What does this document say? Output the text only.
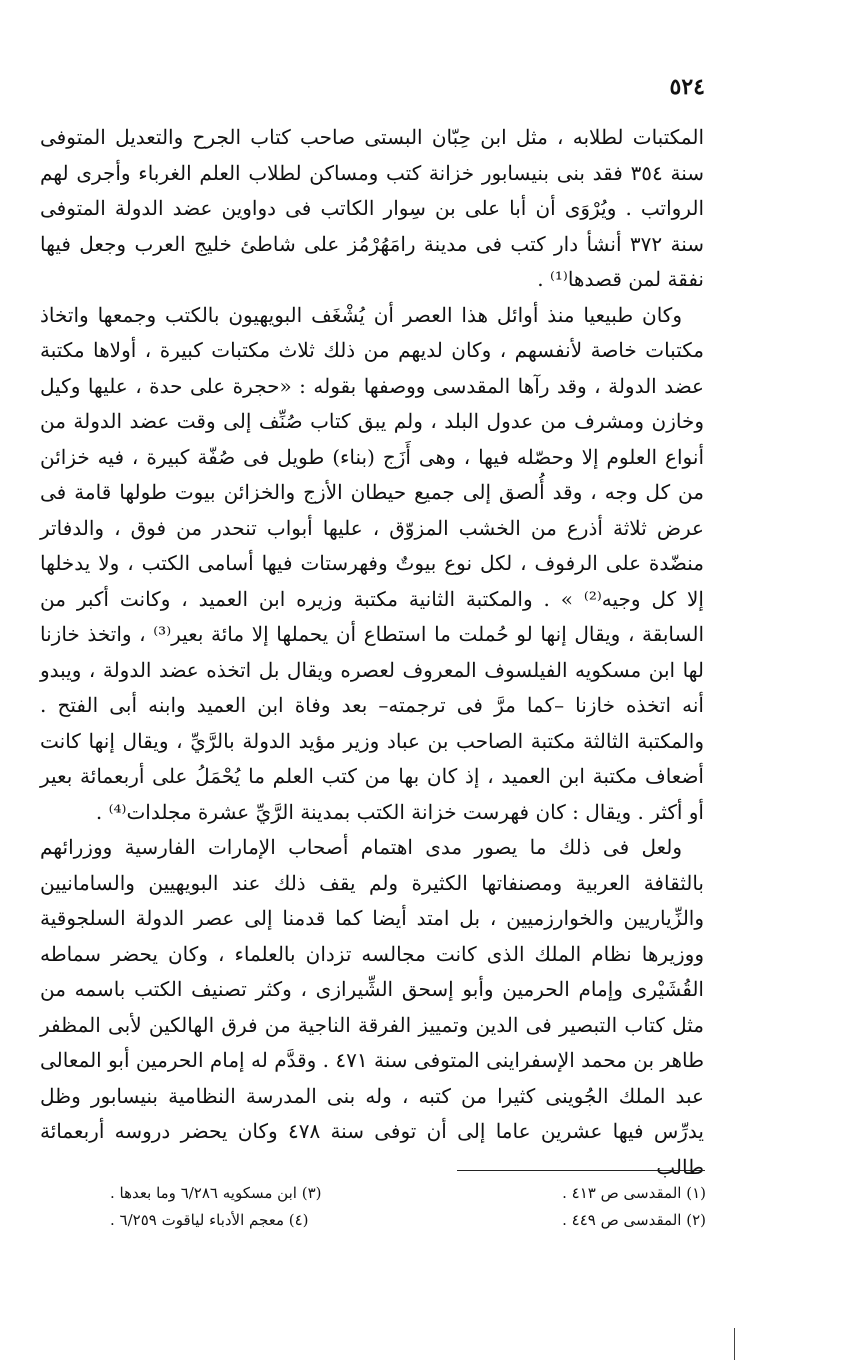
٥٢٤

المكتبات لطلابه ، مثل ابن حِبّان البستى صاحب كتاب الجرح والتعديل المتوفى سنة ٣٥٤ فقد بنى بنيسابور خزانة كتب ومساكن لطلاب العلم الغرباء وأجرى لهم الرواتب . ويُرْوَى أن أبا على بن سِوار الكاتب فى دواوين عضد الدولة المتوفى سنة ٣٧٢ أنشأ دار كتب فى مدينة رامَهُرْمُز على شاطئ خليج العرب وجعل فيها نفقة لمن قصدها⁽¹⁾ .

وكان طبيعيا منذ أوائل هذا العصر أن يُشْغَف البويهيون بالكتب وجمعها واتخاذ مكتبات خاصة لأنفسهم ، وكان لديهم من ذلك ثلاث مكتبات كبيرة ، أولاها مكتبة عضد الدولة ، وقد رآها المقدسى ووصفها بقوله : «حجرة على حدة ، عليها وكيل وخازن ومشرف من عدول البلد ، ولم يبق كتاب صُنِّف إلى وقت عضد الدولة من أنواع العلوم إلا وحصّله فيها ، وهى أَزَج (بناء) طويل فى صُفّة كبيرة ، فيه خزائن من كل وجه ، وقد أُلصق إلى جميع حيطان الأزج والخزائن بيوت طولها قامة فى عرض ثلاثة أذرع من الخشب المزوّق ، عليها أبواب تنحدر من فوق ، والدفاتر منضّدة على الرفوف ، لكل نوع بيوتٌ وفهرستات فيها أسامى الكتب ، ولا يدخلها إلا كل وجيه⁽²⁾ » . والمكتبة الثانية مكتبة وزيره ابن العميد ، وكانت أكبر من السابقة ، ويقال إنها لو حُملت ما استطاع أن يحملها إلا مائة بعير⁽³⁾ ، واتخذ خازنا لها ابن مسكويه الفيلسوف المعروف لعصره ويقال بل اتخذه عضد الدولة ، ويبدو أنه اتخذه خازنا –كما مرَّ فى ترجمته– بعد وفاة ابن العميد وابنه أبى الفتح . والمكتبة الثالثة مكتبة الصاحب بن عباد وزير مؤيد الدولة بالرَّيِّ ، ويقال إنها كانت أضعاف مكتبة ابن العميد ، إذ كان بها من كتب العلم ما يُحْمَلُ على أربعمائة بعير أو أكثر . ويقال : كان فهرست خزانة الكتب بمدينة الرَّيِّ عشرة مجلدات⁽⁴⁾ .

ولعل فى ذلك ما يصور مدى اهتمام أصحاب الإمارات الفارسية ووزرائهم بالثقافة العربية ومصنفاتها الكثيرة ولم يقف ذلك عند البويهيين والسامانيين والزِّياريين والخوارزميين ، بل امتد أيضا كما قدمنا إلى عصر الدولة السلجوقية ووزيرها نظام الملك الذى كانت مجالسه تزدان بالعلماء ، وكان يحضر سماطه القُشَيْرى وإمام الحرمين وأبو إسحق الشِّيرازى ، وكثر تصنيف الكتب باسمه من مثل كتاب التبصير فى الدين وتمييز الفرقة الناجية من فرق الهالكين لأبى المظفر طاهر بن محمد الإسفراينى المتوفى سنة ٤٧١ . وقدَّم له إمام الحرمين أبو المعالى عبد الملك الجُوينى كثيرا من كتبه ، وله بنى المدرسة النظامية بنيسابور وظل يدرِّس فيها عشرين عاما إلى أن توفى سنة ٤٧٨ وكان يحضر دروسه أربعمائة طالب

(١) المقدسى ص ٤١٣ .
(٣) ابن مسكويه ٦/٢٨٦ وما بعدها .
(٢) المقدسى ص ٤٤٩ .
(٤) معجم الأدباء لياقوت ٦/٢٥٩ .
